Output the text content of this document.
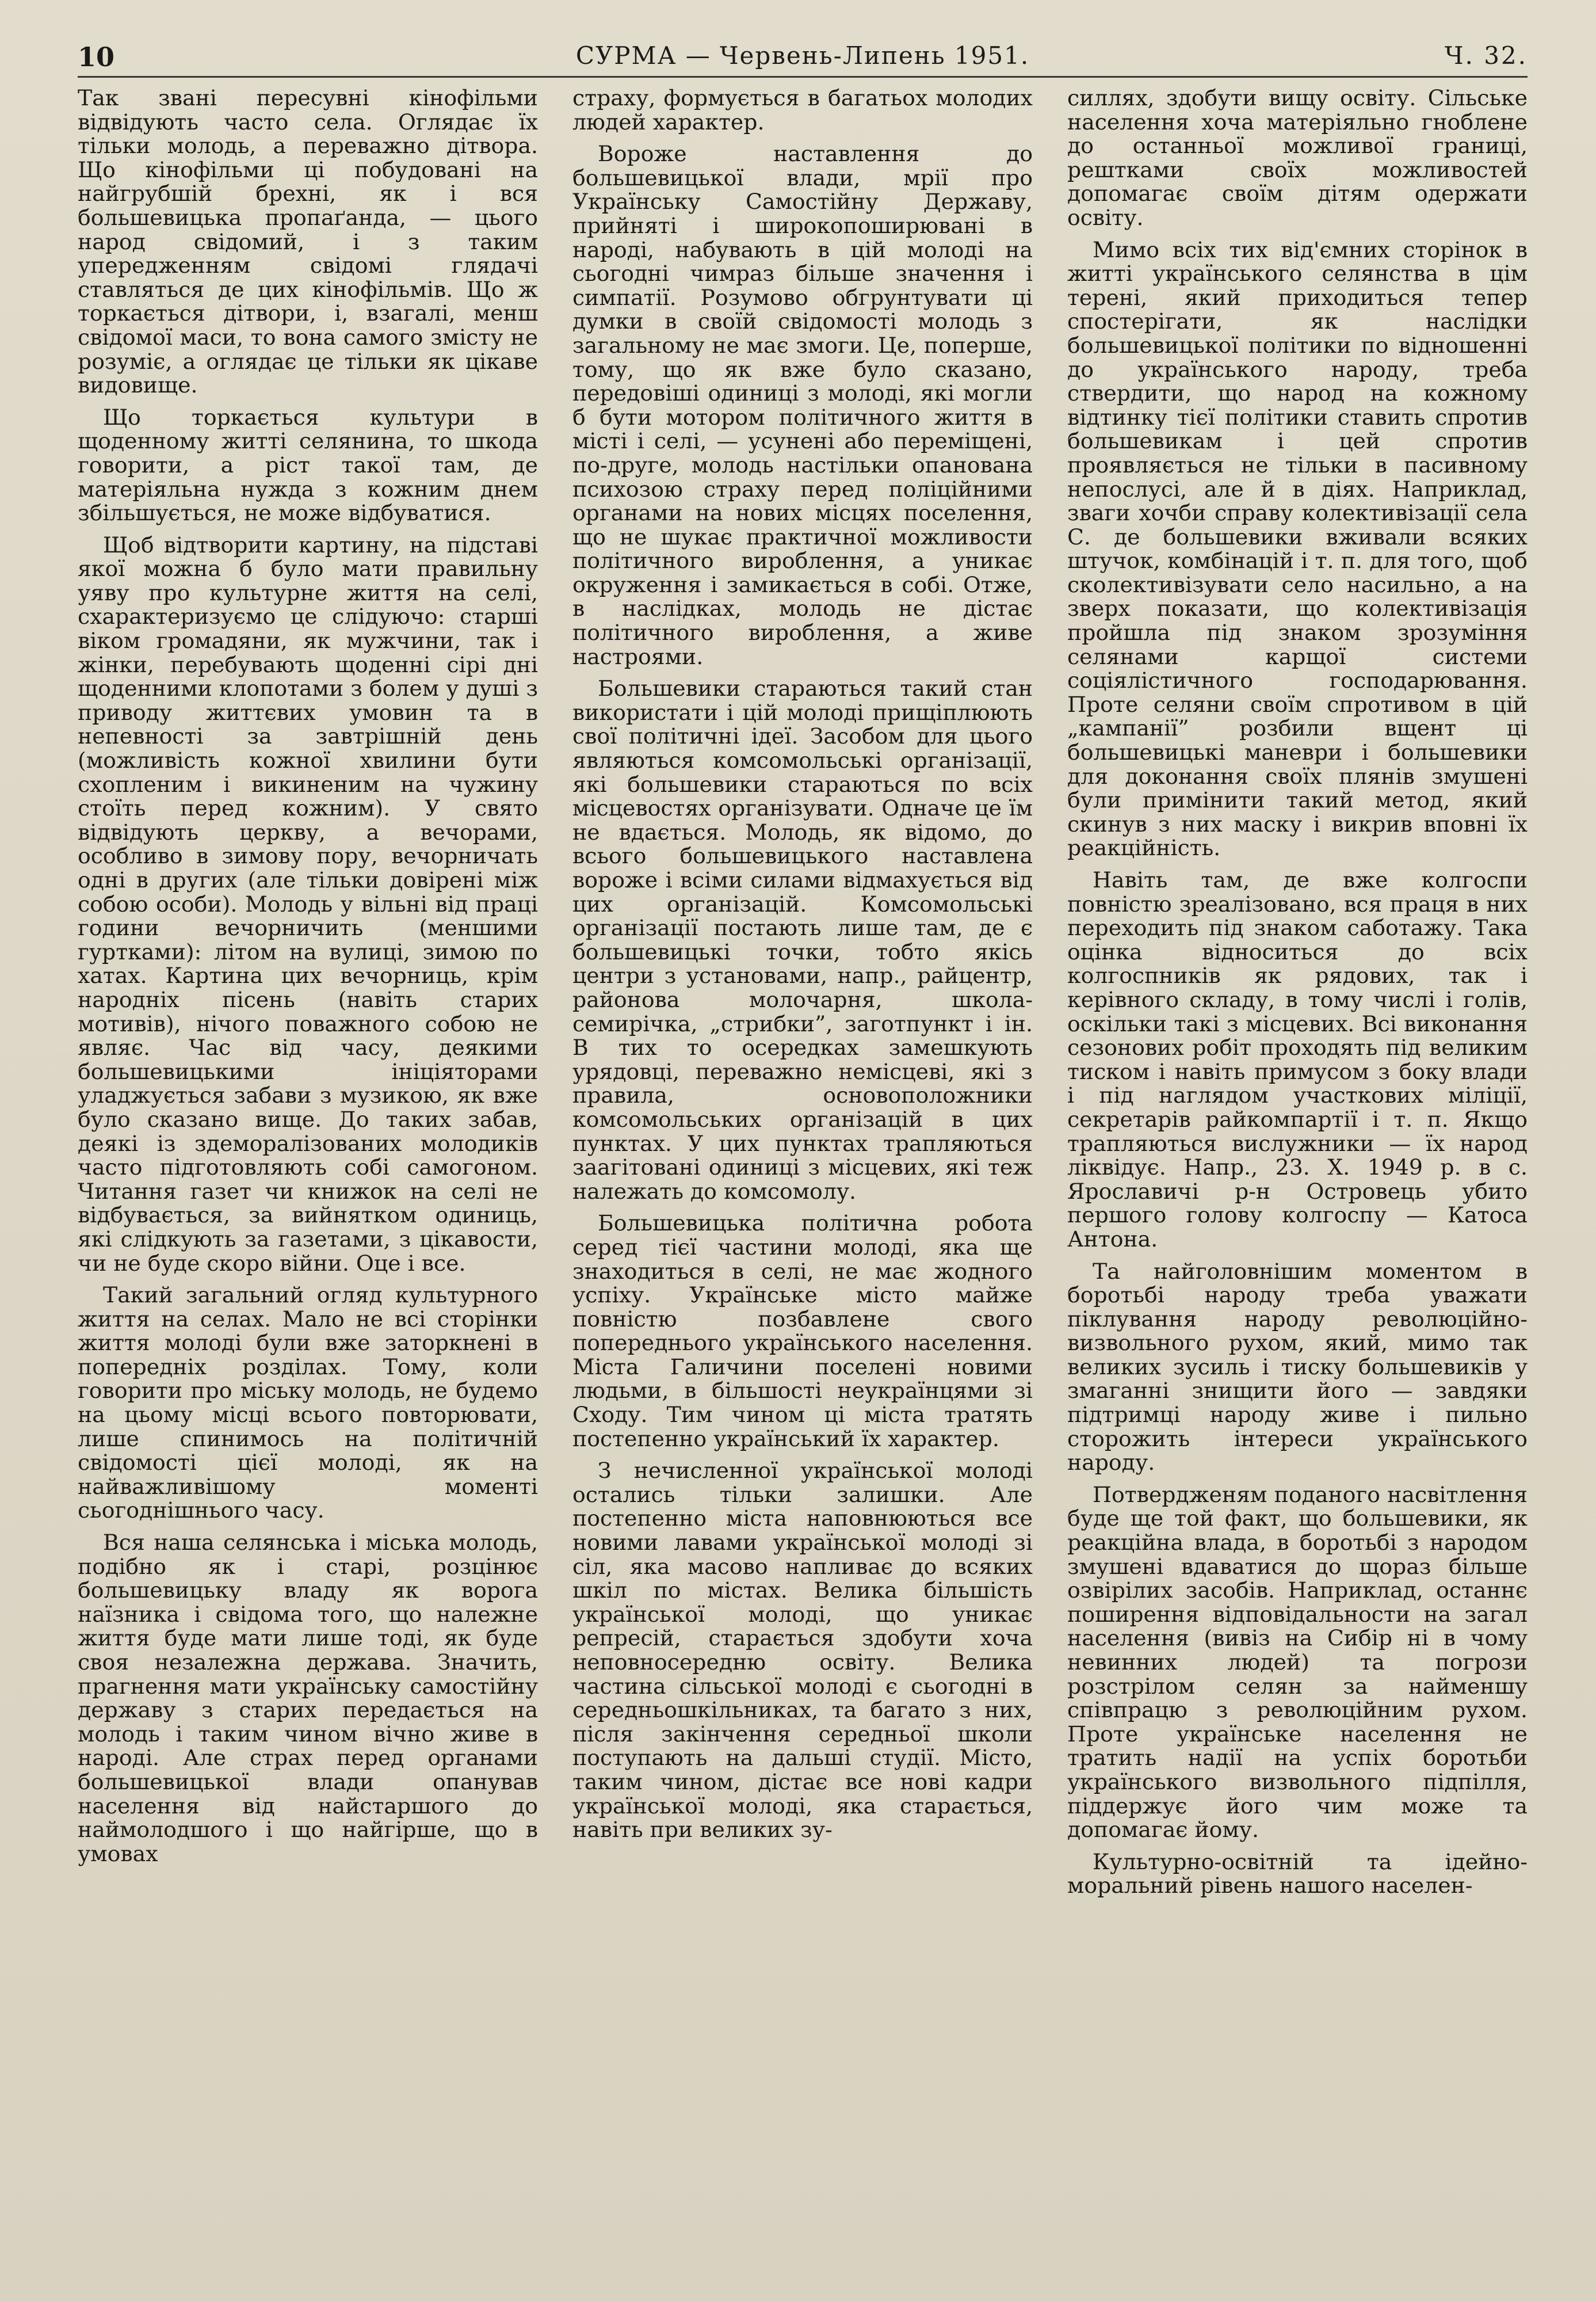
10	СУРМА — Червень-Липень 1951.	Ч. 32.

Так звані пересувні кінофільми відвідують часто села. Оглядає їх тільки молодь, а переважно дітвора. Що кінофільми ці побудовані на найгрубшій брехні, як і вся большевицька пропаґанда, — цього народ свідомий, і з таким упередженням свідомі глядачі ставляться де цих кінофільмів. Що ж торкається дітвори, і, взагалі, менш свідомої маси, то вона самого змісту не розуміє, а оглядає це тільки як цікаве видовище.

Що торкається культури в щоденному житті селянина, то шкода говорити, а ріст такої там, де матеріяльна нужда з кожним днем збільшується, не може відбуватися.

Щоб відтворити картину, на підставі якої можна б було мати правильну уяву про культурне життя на селі, схарактеризуємо це слідуючо: старші віком громадяни, як мужчини, так і жінки, перебувають щоденні сірі дні щоденними клопотами з болем у душі з приводу життєвих умовин та в непевності за завтрішній день (можливість кожної хвилини бути схопленим і викиненим на чужину стоїть перед кожним). У свято відвідують церкву, а вечорами, особливо в зимову пору, вечорничать одні в других (але тільки довірені між собою особи). Молодь у вільні від праці години вечорничить (меншими гуртками): літом на вулиці, зимою по хатах. Картина цих вечорниць, крім народніх пісень (навіть старих мотивів), нічого поважного собою не являє. Час від часу, деякими большевицькими ініціяторами уладжується забави з музикою, як вже було сказано вище. До таких забав, деякі із здеморалізованих молодиків часто підготовляють собі самогоном. Читання газет чи книжок на селі не відбувається, за вийнятком одиниць, які слідкують за газетами, з цікавости, чи не буде скоро війни. Оце і все.

Такий загальний огляд культурного життя на селах. Мало не всі сторінки життя молоді були вже заторкнені в попередніх розділах. Тому, коли говорити про міську молодь, не будемо на цьому місці всього повторювати, лише спинимось на політичній свідомості цієї молоді, як на найважливішому моменті сьогоднішнього часу.

Вся наша селянська і міська молодь, подібно як і старі, розцінює большевицьку владу як ворога наїзника і свідома того, що належне життя буде мати лише тоді, як буде своя незалежна держава. Значить, прагнення мати українську самостійну державу з старих передається на молодь і таким чином вічно живе в народі. Але страх перед органами большевицької влади опанував населення від найстаршого до наймолодшого і що найгірше, що в умовах

страху, формується в багатьох молодих людей характер.

Вороже наставлення до большевицької влади, мрії про Українську Самостійну Державу, прийняті і широкопоширювані в народі, набувають в цій молоді на сьогодні чимраз більше значення і симпатії. Розумово обгрунтувати ці думки в своїй свідомості молодь з загальному не має змоги. Це, поперше, тому, що як вже було сказано, передовіші одиниці з молоді, які могли б бути мотором політичного життя в місті і селі, — усунені або переміщені, по-друге, молодь настільки опанована психозою страху перед поліційними органами на нових місцях поселення, що не шукає практичної можливости політичного вироблення, а уникає окруження і замикається в собі. Отже, в наслідках, молодь не дістає політичного вироблення, а живе настроями.

Большевики стараються такий стан використати і цій молоді прищіплюють свої політичні ідеї. Засобом для цього являються комсомольські організації, які большевики стараються по всіх місцевостях організувати. Одначе це їм не вдається. Молодь, як відомо, до всього большевицького наставлена вороже і всіми силами відмахується від цих організацій. Комсомольські організації постають лише там, де є большевицькі точки, тобто якісь центри з установами, напр., райцентр, районова молочарня, школа-семирічка, „стрибки”, заготпункт і ін. В тих то осередках замешкують урядовці, переважно немісцеві, які з правила, основоположники комсомольських організацій в цих пунктах. У цих пунктах трапляються заагітовані одиниці з місцевих, які теж належать до комсомолу.

Большевицька політична робота серед тієї частини молоді, яка ще знаходиться в селі, не має жодного успіху. Українське місто майже повністю позбавлене свого попереднього українського населення. Міста Галичини поселені новими людьми, в більшості неукраїнцями зі Сходу. Тим чином ці міста тратять постепенно український їх характер.

З нечисленної української молоді остались тільки залишки. Але постепенно міста наповнюються все новими лавами української молоді зі сіл, яка масово напливає до всяких шкіл по містах. Велика більшість української молоді, що уникає репресій, старається здобути хоча неповносередню освіту. Велика частина сільської молоді є сьогодні в середньошкільниках, та багато з них, після закінчення середньої школи поступають на дальші студії. Місто, таким чином, дістає все нові кадри української молоді, яка старається, навіть при великих зу-

силлях, здобути вищу освіту. Сільське населення хоча матеріяльно гноблене до останньої можливої границі, рештками своїх можливостей допомагає своїм дітям одержати освіту.

Мимо всіх тих від'ємних сторінок в житті українського селянства в цім терені, який приходиться тепер спостерігати, як наслідки большевицької політики по відношенні до українського народу, треба ствердити, що народ на кожному відтинку тієї політики ставить спротив большевикам і цей спротив проявляється не тільки в пасивному непослусі, але й в діях. Наприклад, зваги хочби справу колективізації села С. де большевики вживали всяких штучок, комбінацій і т. п. для того, щоб сколективізувати село насильно, а на зверх показати, що колективізація пройшла під знаком зрозуміння селянами карщої системи соціялістичного господарювання. Проте селяни своїм спротивом в цій „кампанії” розбили вщент ці большевицькі маневри і большевики для доконання своїх плянів змушені були примінити такий метод, який скинув з них маску і викрив вповні їх реакційність.

Навіть там, де вже колгоспи повністю зреалізовано, вся праця в них переходить під знаком саботажу. Така оцінка відноситься до всіх колгоспників як рядових, так і керівного складу, в тому числі і голів, оскільки такі з місцевих. Всі виконання сезонових робіт проходять під великим тиском і навіть примусом з боку влади і під наглядом участкових міліції, секретарів райкомпартії і т. п. Якщо трапляються вислужники — їх народ ліквідує. Напр., 23. Х. 1949 р. в с. Ярославичі р-н Островець убито першого голову колгоспу — Катоса Антона.

Та найголовнішим моментом в боротьбі народу треба уважати піклування народу революційно-визвольного рухом, який, мимо так великих зусиль і тиску большевиків у змаганні знищити його — завдяки підтримці народу живе і пильно сторожить інтереси українського народу.

Потвердженям поданого насвітлення буде ще той факт, що большевики, як реакційна влада, в боротьбі з народом змушені вдаватися до щораз більше озвірілих засобів. Наприклад, останнє поширення відповідальности на загал населення (вивіз на Сибір ні в чому невинних людей) та погрози розстрілом селян за найменшу співпрацю з революційним рухом. Проте українське населення не тратить надії на успіх боротьби українського визвольного підпілля, піддержує його чим може та допомагає йому.

Культурно-освітній та ідейно-моральний рівень нашого населен-
